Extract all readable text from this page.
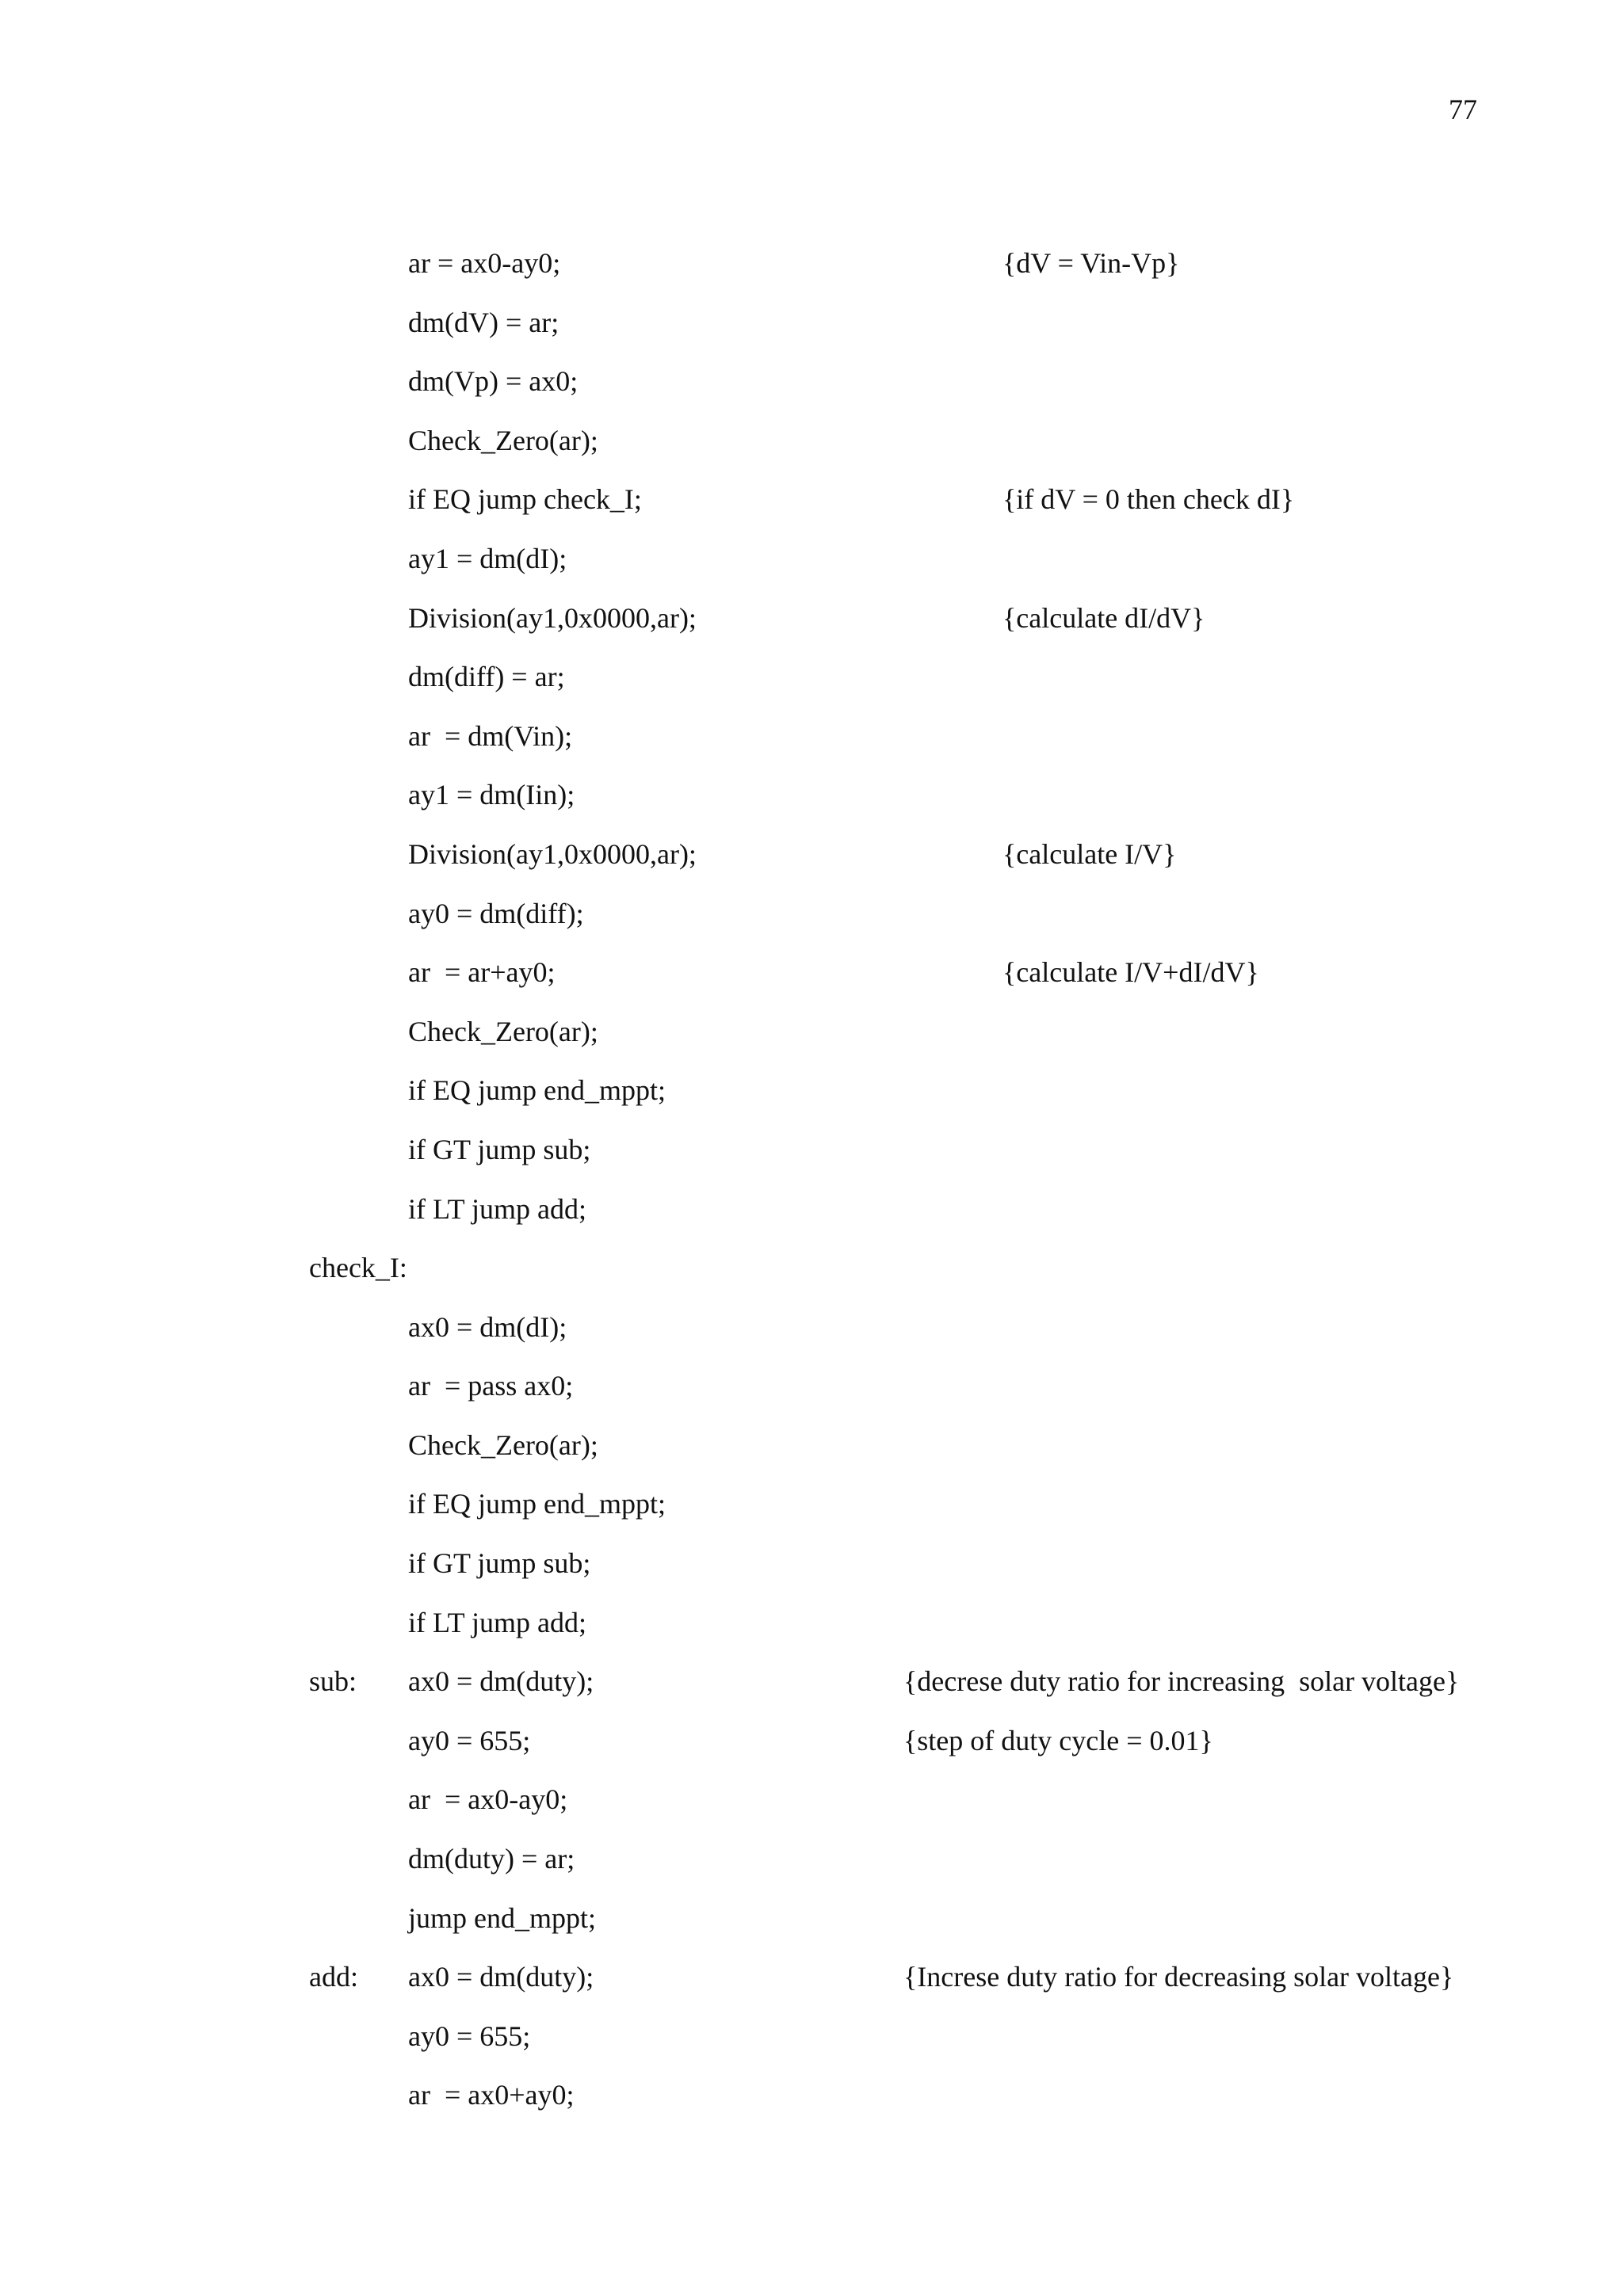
77
ar = ax0-ay0;	{dV = Vin-Vp}
dm(dV) = ar;
dm(Vp) = ax0;
Check_Zero(ar);
if EQ jump check_I;	{if dV = 0 then check dI}
ay1 = dm(dI);
Division(ay1,0x0000,ar);	{calculate dI/dV}
dm(diff) = ar;
ar  = dm(Vin);
ay1 = dm(Iin);
Division(ay1,0x0000,ar);	{calculate I/V}
ay0 = dm(diff);
ar  = ar+ay0;	{calculate I/V+dI/dV}
Check_Zero(ar);
if EQ jump end_mppt;
if GT jump sub;
if LT jump add;
check_I:
ax0 = dm(dI);
ar  = pass ax0;
Check_Zero(ar);
if EQ jump end_mppt;
if GT jump sub;
if LT jump add;
sub: ax0 = dm(duty);	{decrese duty ratio for increasing  solar voltage}
ay0 = 655;	{step of duty cycle = 0.01}
ar  = ax0-ay0;
dm(duty) = ar;
jump end_mppt;
add: ax0 = dm(duty);	{Increse duty ratio for decreasing solar voltage}
ay0 = 655;
ar  = ax0+ay0;
